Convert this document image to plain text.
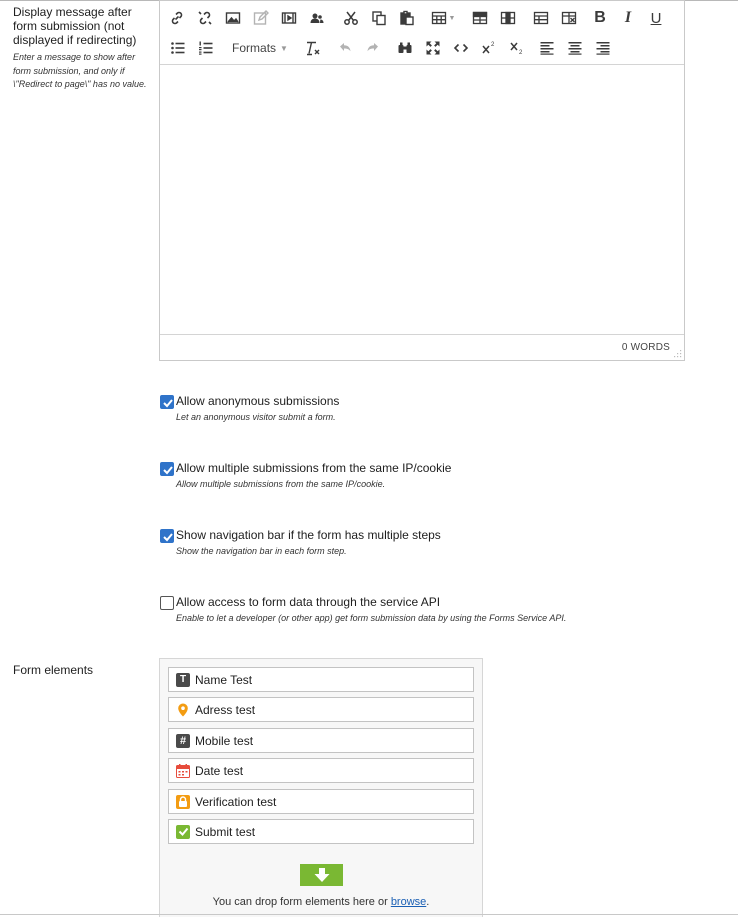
Display message after form submission (not displayed if redirecting)
Enter a message to show after form submission, and only if \"Redirect to page\" has no value.
▼	B I U
Formats ▼	2
2
0 WORDS
Allow anonymous submissions
Let an anonymous visitor submit a form.
Allow multiple submissions from the same IP/cookie
Allow multiple submissions from the same IP/cookie.
Show navigation bar if the form has multiple steps
Show the navigation bar in each form step.
Allow access to form data through the service API
Enable to let a developer (or other app) get form submission data by using the Forms Service API.
Form elements
T Name Test
Adress test
# Mobile test
Date test
Verification test
Submit test
You can drop form elements here or browse.
